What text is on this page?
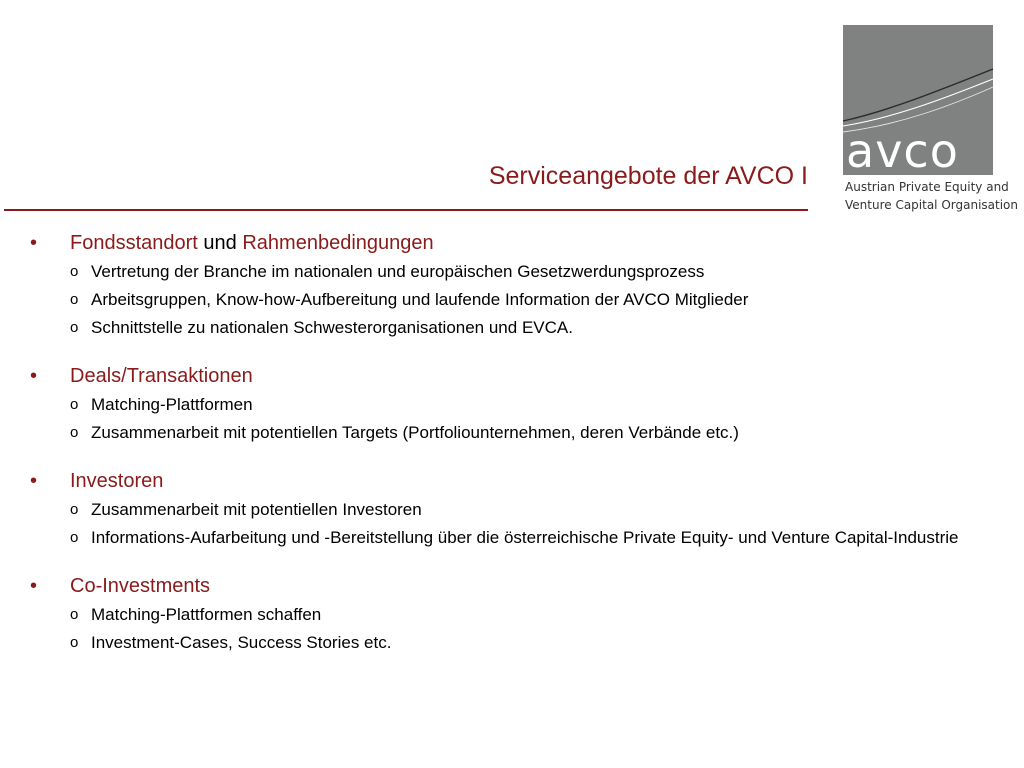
Serviceangebote der AVCO I avco
Austrian Private Equity and
Venture Capital Organisation
•	Fondsstandort und Rahmenbedingungen
o Vertretung der Branche im nationalen und europäischen Gesetzwerdungsprozess
o Arbeitsgruppen, Know-how-Aufbereitung und laufende Information der AVCO Mitglieder
o Schnittstelle zu nationalen Schwesterorganisationen und EVCA.
•	Deals/Transaktionen
o Matching-Plattformen
o Zusammenarbeit mit potentiellen Targets (Portfoliounternehmen, deren Verbände etc.)
•	Investoren
o Zusammenarbeit mit potentiellen Investoren
o Informations-Aufarbeitung und -Bereitstellung über die österreichische Private Equity- und Venture Capital-Industrie
•	Co-Investments
o Matching-Plattformen schaffen
o Investment-Cases, Success Stories etc.
